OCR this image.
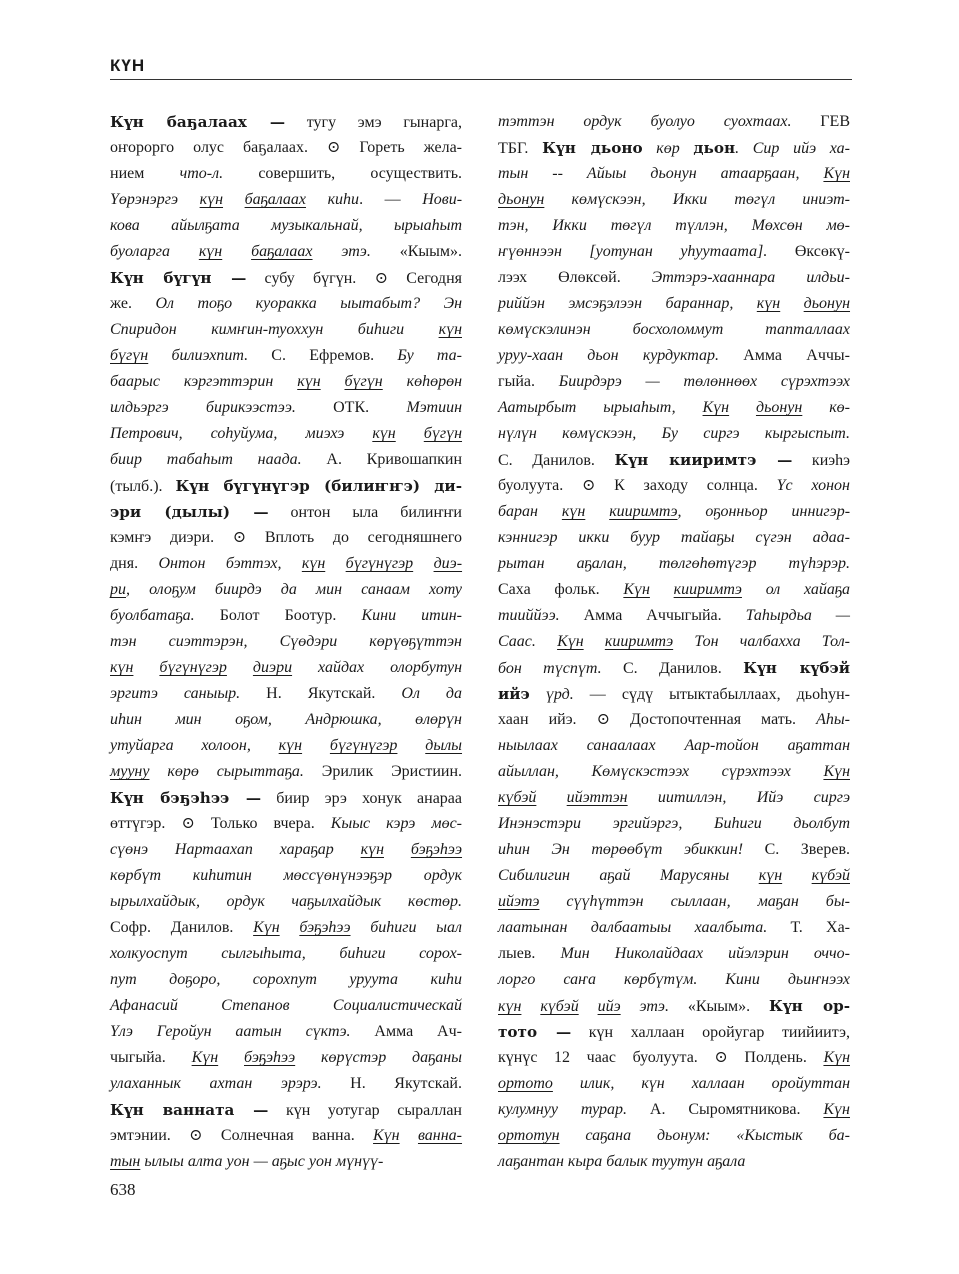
КҮН
Күн баҕалаах — тугу эмэ гынарга,
оҥорорго олус баҕалаах. ⊙ Гореть жела-
нием что-л. совершить, осуществить.
Үөрэнэргэ күн баҕалаах киһи. — Нови-
кова айылҕата музыкальнай, ырыаһыт
буоларга күн баҕалаах этэ. «Кыым».
Күн бүгүн — субу бүгүн. ⊙ Сегодня
же. Ол тоҕо куоракка ыытабыт? Эн
Спиридон кимҥин-туоххун биһиги күн
бүгүн билиэхпит. С. Ефремов. Бу та-
баарыс кэргэттэрин күн бүгүн көһөрөн
илдьэргэ бирикээстээ. ОТК. Мэтиин
Петрович, соһуйума, миэхэ күн бүгүн
биир табаһыт наада. А. Кривошапкин
(тылб.). Күн бүгүнүгэр (билиҥҥэ) ди-
эри (дылы) — онтон ыла билиҥҥи
кэмҥэ диэри. ⊙ Вплоть до сегодняшнего
дня. Онтон бэттэх, күн бүгүнүгэр диэ-
ри, олоҕум биирдэ да мин санаам хоту
буолбатаҕа. Болот Боотур. Кини итин-
тэн сиэттэрэн, Сүөдэри көрүөҕүттэн
күн бүгүнүгэр диэри хайдах олорбутун
эргитэ саныыр. Н. Якутскай. Ол да
иһин мин оҕом, Андрюшка, өлөрүн
утуйарга холоон, күн бүгүнүгэр дылы
мууну көрө сырыттаҕа. Эрилик Эристиин.
Күн бэҕэһээ — биир эрэ хонук анараа
өттүгэр. ⊙ Только вчера. Кыыс кэрэ мөс-
сүөнэ Нартаахап хараҕар күн бэҕэһээ
көрбүт киһитин мөссүөнүнээҕэр ордук
ырылхайдык, ордук чаҕылхайдык көстөр.
Софр. Данилов. Күн бэҕэһээ биһиги ыал
холкуоспут сылгыһыта, биһиги сорох-
пут доҕоро, сорохпут уруута киһи
Афанасий Степанов Социалистическай
Үлэ Геройун аатын сүктэ. Амма Ач-
чыгыйа. Күн бэҕэһээ көрүстэр даҕаны
улаханнык ахтан эрэрэ. Н. Якутскай.
Күн ванната — күн уотугар сыраллан
эмтэнии. ⊙ Солнечная ванна. Күн ванна-
тын ылыы алта уон — аҕыс уон мүнүү-
тэттэн ордук буолуо суохтаах. ГЕВ
ТБГ. Күн дьоно көр дьон. Сир ийэ ха-
тын -- Айыы дьонун атаарҕаан, Күн
дьонун көмүскээн, Икки төгүл иниэт-
тэн, Икки төгүл түллэн, Мөхсөн мө-
ҥүөннээн [уотунан уһуутаата]. Өксөкү-
лээх Өлөксөй. Эттэрэ-хааннара илдьи-
риййэн эмсэҕэлээн бараннар, күн дьонун
көмүскэлинэн босхоломмут тапталлаах
уруу-хаан дьон курдуктар. Амма Аччы-
гыйа. Биирдэрэ — төлөннөөх сүрэхтээх
Аатырбыт ырыаһыт, Күн дьонун кө-
нүлүн көмүскээн, Бу сиргэ кыргыспыт.
С. Данилов. Күн кииримтэ — киэһэ
буолуута. ⊙ К заходу солнца. Үс хонон
баран күн кииримтэ, оҕонньор иннигэр-
кэннигэр икки буур тайаҕы сүгэн адаа-
рытан аҕалан, төлгөһөтүгэр түһэрэр.
Саха фольк. Күн кииримтэ ол хайаҕа
тииййээ. Амма Аччыгыйа. Таһырдьа —
Саас. Күн кииримтэ Тон чалбахха Тол-
бон түспүт. С. Данилов. Күн күбэй
ийэ үрд. — сүдү ытыктабыллаах, дьоһун-
хаан ийэ. ⊙ Достопочтенная мать. Аһы-
ныылаах санаалаах Аар-тойон аҕаттан
айыллан, Көмүскэстээх сүрэхтээх Күн
күбэй ийэттэн иитиллэн, Ийэ сиргэ
Инэнэстэри эргийэргэ, Биһиги дьолбут
иһин Эн төрөөбүт эбиккин! С. Зверев.
Сибилигин аҕай Марусяны күн күбэй
ийэтэ сүүһүттэн сыллаан, маҕан бы-
лаатынан далбаатыы хаалбыта. Т. Ха-
лыев. Мин Николайдаах ийэлэрин оччо-
лорго саҥа көрбүтүм. Кини дьиҥнээх
күн күбэй ийэ этэ. «Кыым». Күн ор-
тото — күн халлаан оройугар тиийиитэ,
күнүс 12 чаас буолуута. ⊙ Полдень. Күн
ортото илик, күн халлаан оройуттан
кулумнуу турар. А. Сыромятникова. Күн
ортотун саҕана дьонум: «Кыстык ба-
лаҕантан кыра балык туутун аҕала
638
